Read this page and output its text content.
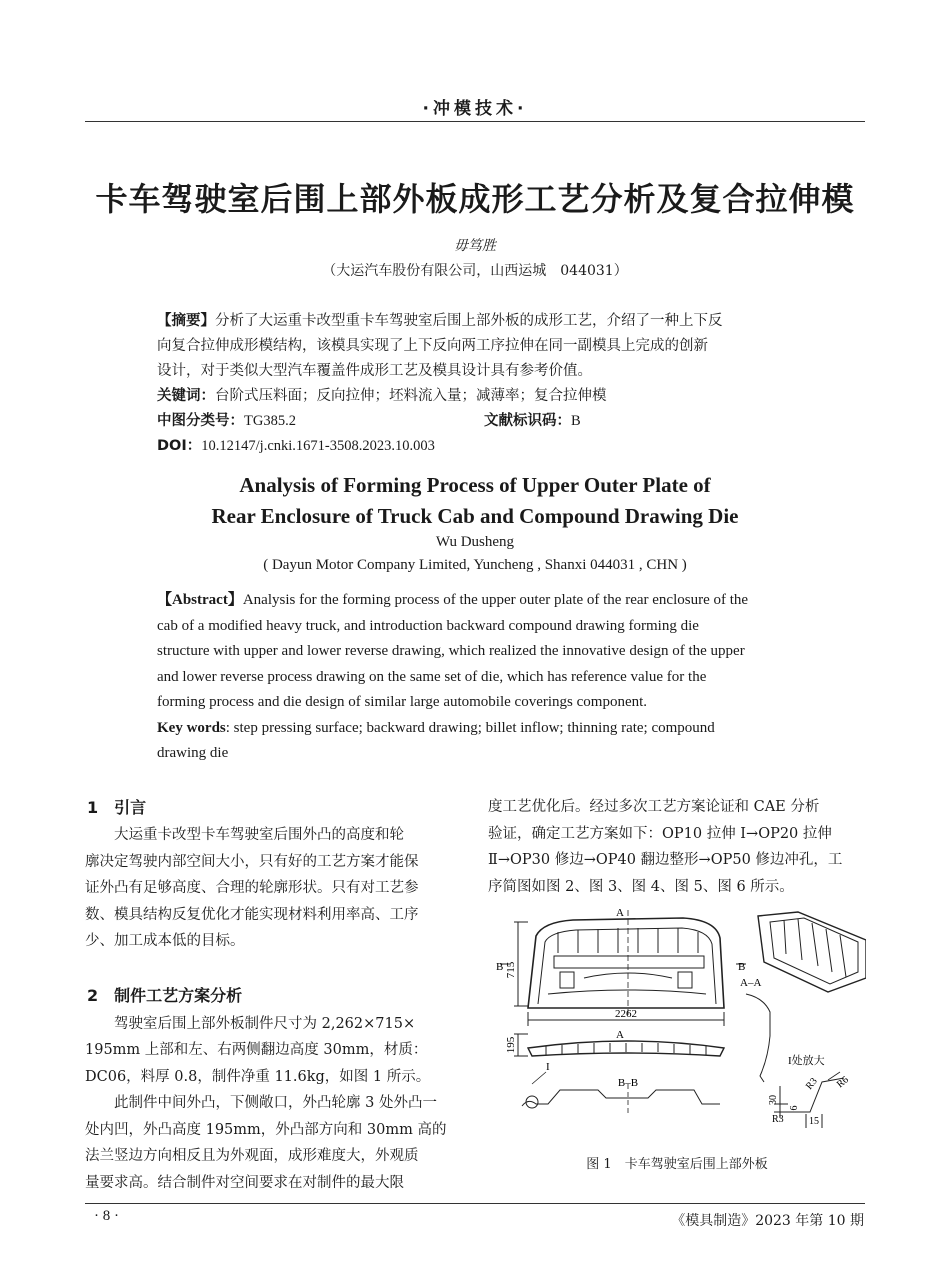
·冲模技术·
卡车驾驶室后围上部外板成形工艺分析及复合拉伸模
毋笃胜
（大运汽车股份有限公司，山西运城　044031）

【摘要】分析了大运重卡改型重卡车驾驶室后围上部外板的成形工艺，介绍了一种上下反

向复合拉伸成形模结构，该模具实现了上下反向两工序拉伸在同一副模具上完成的创新

设计，对于类似大型汽车覆盖件成形工艺及模具设计具有参考价值。

关键词：台阶式压料面；反向拉伸；坯料流入量；减薄率；复合拉伸模

中图分类号：TG385.2	文献标识码：B

DOI：10.12147/j.cnki.1671-3508.2023.10.003

Analysis of Forming Process of Upper Outer Plate of
Rear Enclosure of Truck Cab and Compound Drawing Die
Wu Dusheng
( Dayun Motor Company Limited, Yuncheng , Shanxi 044031 , CHN )

【Abstract】Analysis for the forming process of the upper outer plate of the rear enclosure of the

cab of a modified heavy truck, and introduction backward compound drawing forming die

structure with upper and lower reverse drawing, which realized the innovative design of the upper

and lower reverse process drawing on the same set of die, which has reference value for the

forming process and die design of similar large automobile coverings component.

Key words: step pressing surface; backward drawing; billet inflow; thinning rate; compound

drawing die

1　引言

大运重卡改型卡车驾驶室后围外凸的高度和轮

廓决定驾驶内部空间大小，只有好的工艺方案才能保

证外凸有足够高度、合理的轮廓形状。只有对工艺参

数、模具结构反复优化才能实现材料利用率高、工序

少、加工成本低的目标。

2　制件工艺方案分析

驾驶室后围上部外板制件尺寸为 2,262×715×

195mm 上部和左、右两侧翻边高度 30mm，材质：

DC06，料厚 0.8，制件净重 11.6kg，如图 1 所示。

此制件中间外凸，下侧敞口，外凸轮廓 3 处外凸一

处内凹，外凸高度 195mm，外凸部方向和 30mm 高的

法兰竖边方向相反且为外观面，成形难度大，外观质

量要求高。结合制件对空间要求在对制件的最大限

度工艺优化后。经过多次工艺方案论证和 CAE 分析

验证，确定工艺方案如下：OP10 拉伸 Ⅰ→OP20 拉伸

Ⅱ→OP30 修边→OP40 翻边整形→OP50 修边冲孔，工

序简图如图 2、图 3、图 4、图 5、图 6 所示。

A
A
B	B
715
2262
195
A–A
B–B
I	I处放大
30
6
R3 R6
R3	15
图 1　卡车驾驶室后围上部外板
· 8 ·	《模具制造》2023 年第 10 期
